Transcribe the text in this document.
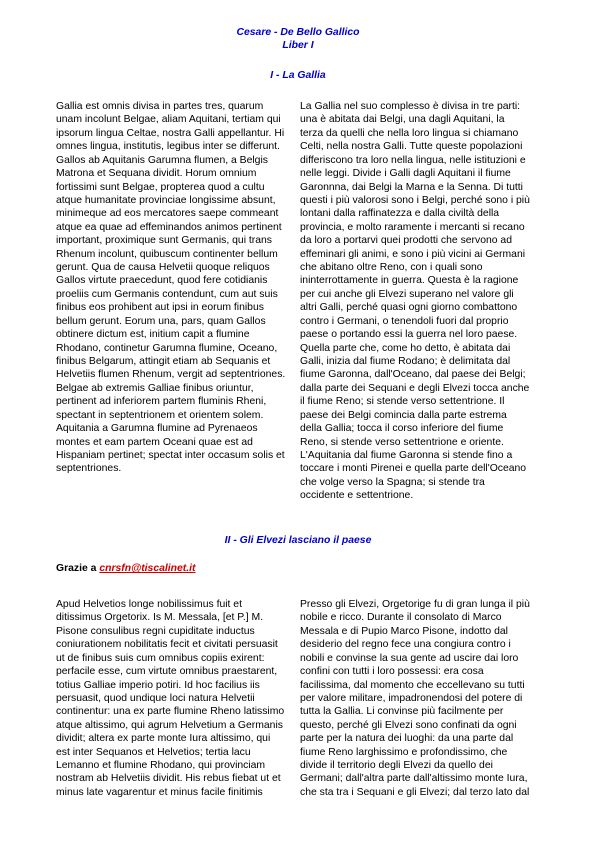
Cesare - De Bello Gallico
Liber I
I - La Gallia
Gallia est omnis divisa in partes tres, quarum
unam incolunt Belgae, aliam Aquitani, tertiam qui
ipsorum lingua Celtae, nostra Galli appellantur. Hi
omnes lingua, institutis, legibus inter se differunt.
Gallos ab Aquitanis Garumna flumen, a Belgis
Matrona et Sequana dividit. Horum omnium
fortissimi sunt Belgae, propterea quod a cultu
atque humanitate provinciae longissime absunt,
minimeque ad eos mercatores saepe commeant
atque ea quae ad effeminandos animos pertinent
important, proximique sunt Germanis, qui trans
Rhenum incolunt, quibuscum continenter bellum
gerunt. Qua de causa Helvetii quoque reliquos
Gallos virtute praecedunt, quod fere cotidianis
proeliis cum Germanis contendunt, cum aut suis
finibus eos prohibent aut ipsi in eorum finibus
bellum gerunt. Eorum una, pars, quam Gallos
obtinere dictum est, initium capit a flumine
Rhodano, continetur Garumna flumine, Oceano,
finibus Belgarum, attingit etiam ab Sequanis et
Helvetiis flumen Rhenum, vergit ad septentriones.
Belgae ab extremis Galliae finibus oriuntur,
pertinent ad inferiorem partem fluminis Rheni,
spectant in septentrionem et orientem solem.
Aquitania a Garumna flumine ad Pyrenaeos
montes et eam partem Oceani quae est ad
Hispaniam pertinet; spectat inter occasum solis et
septentriones.
La Gallia nel suo complesso è divisa in tre parti:
una è abitata dai Belgi, una dagli Aquitani, la
terza da quelli che nella loro lingua si chiamano
Celti, nella nostra Galli. Tutte queste popolazioni
differiscono tra loro nella lingua, nelle istituzioni e
nelle leggi. Divide i Galli dagli Aquitani il fiume
Garonnna, dai Belgi la Marna e la Senna. Di tutti
questi i più valorosi sono i Belgi, perché sono i più
lontani dalla raffinatezza e dalla civiltà della
provincia, e molto raramente i mercanti si recano
da loro a portarvi quei prodotti che servono ad
effeminari gli animi, e sono i più vicini ai Germani
che abitano oltre Reno, con i quali sono
ininterrottamente in guerra. Questa è la ragione
per cui anche gli Elvezi superano nel valore gli
altri Galli, perché quasi ogni giorno combattono
contro i Germani, o tenendoli fuori dal proprio
paese o portando essi la guerra nel loro paese.
Quella parte che, come ho detto, è abitata dai
Galli, inizia dal fiume Rodano; è delimitata dal
fiume Garonna, dall'Oceano, dal paese dei Belgi;
dalla parte dei Sequani e degli Elvezi tocca anche
il fiume Reno; si stende verso settentrione. Il
paese dei Belgi comincia dalla parte estrema
della Gallia; tocca il corso inferiore del fiume
Reno, si stende verso settentrione e oriente.
L'Aquitania dal fiume Garonna si stende fino a
toccare i monti Pirenei e quella parte dell'Oceano
che volge verso la Spagna; si stende tra
occidente e settentrione.
II - Gli Elvezi lasciano il paese
Grazie a cnrsfn@tiscalinet.it
Apud Helvetios longe nobilissimus fuit et
ditissimus Orgetorix. Is M. Messala, [et P.] M.
Pisone consulibus regni cupiditate inductus
coniurationem nobilitatis fecit et civitati persuasit
ut de finibus suis cum omnibus copiis exirent:
perfacile esse, cum virtute omnibus praestarent,
totius Galliae imperio potiri. Id hoc facilius iis
persuasit, quod undique loci natura Helvetii
continentur: una ex parte flumine Rheno latissimo
atque altissimo, qui agrum Helvetium a Germanis
dividit; altera ex parte monte Iura altissimo, qui
est inter Sequanos et Helvetios; tertia lacu
Lemanno et flumine Rhodano, qui provinciam
nostram ab Helvetiis dividit. His rebus fiebat ut et
minus late vagarentur et minus facile finitimis
Presso gli Elvezi, Orgetorige fu di gran lunga il più
nobile e ricco. Durante il consolato di Marco
Messala e di Pupio Marco Pisone, indotto dal
desiderio del regno fece una congiura contro i
nobili e convinse la sua gente ad uscire dai loro
confini con tutti i loro possessi: era cosa
facilissima, dal momento che eccellevano su tutti
per valore militare, impadronendosi del potere di
tutta la Gallia. Li convinse più facilmente per
questo, perché gli Elvezi sono confinati da ogni
parte per la natura dei luoghi: da una parte dal
fiume Reno larghissimo e profondissimo, che
divide il territorio degli Elvezi da quello dei
Germani; dall'altra parte dall'altissimo monte Iura,
che sta tra i Sequani e gli Elvezi; dal terzo lato dal
